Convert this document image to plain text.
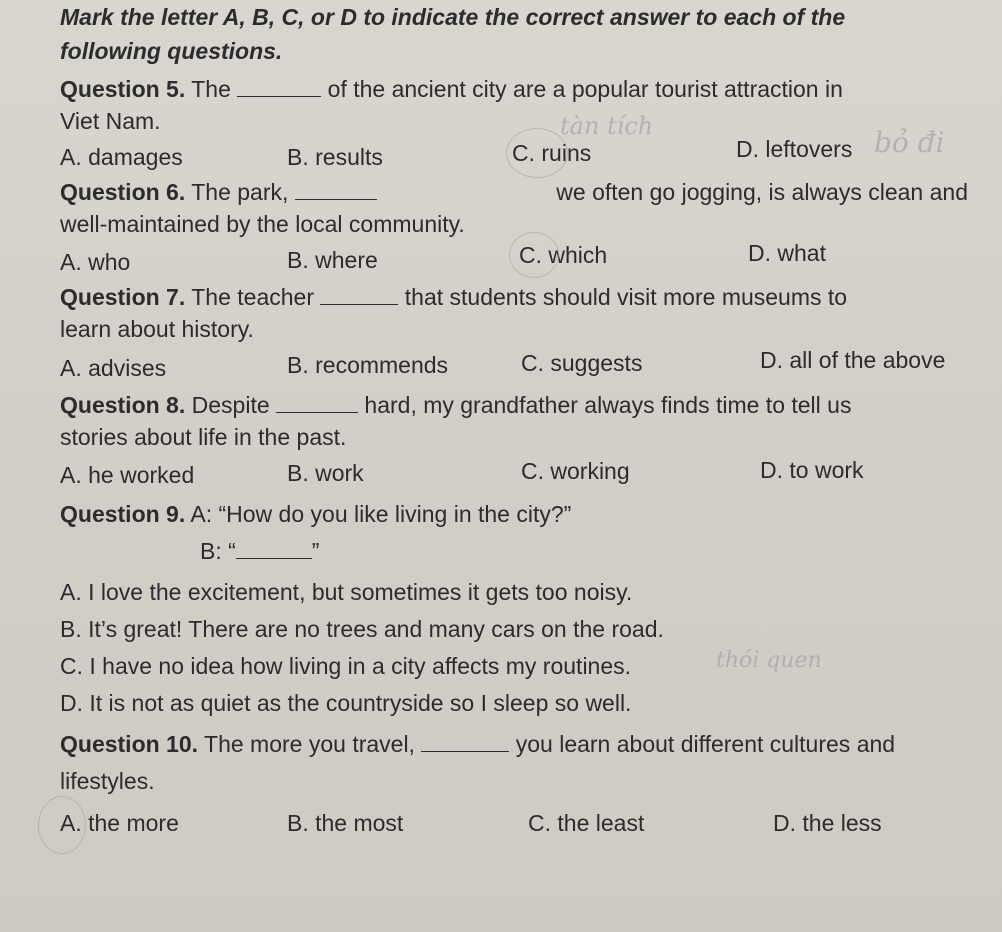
Mark the letter A, B, C, or D to indicate the correct answer to each of the
following questions.
Question 5. The	of the ancient city are a popular tourist attraction in
Viet Nam.
A. damages	B. results	C. ruins	D. leftovers
tàn tích	bỏ đi
Question 6. The park,	we often go jogging, is always clean and
well-maintained by the local community.
A. who	B. where	C. which	D. what
Question 7. The teacher	that students should visit more museums to
learn about history.
A. advises	B. recommends	C. suggests	D. all of the above
Question 8. Despite	hard, my grandfather always finds time to tell us
stories about life in the past.
A. he worked	B. work	C. working	D. to work
Question 9. A: “How do you like living in the city?”
B: “	”
A. I love the excitement, but sometimes it gets too noisy.
B. It’s great! There are no trees and many cars on the road.
C. I have no idea how living in a city affects my routines.
D. It is not as quiet as the countryside so I sleep so well.
thói quen
Question 10. The more you travel,	you learn about different cultures and
lifestyles.
A. the more	B. the most	C. the least	D. the less
